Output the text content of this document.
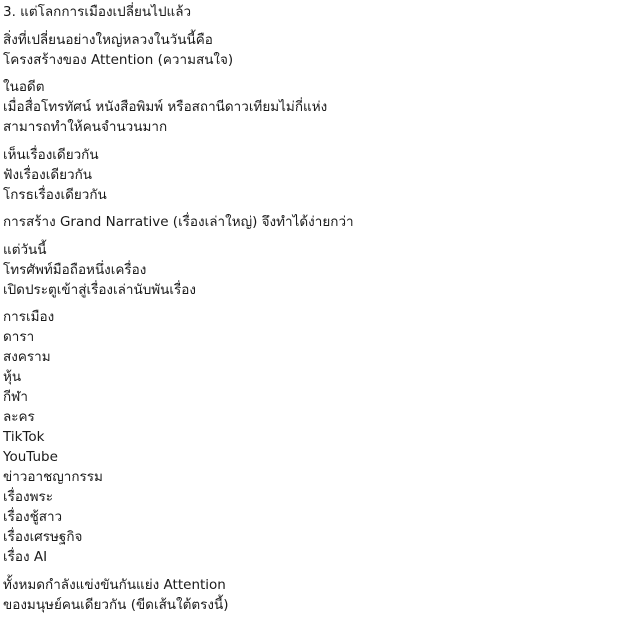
3. แต่โลกการเมืองเปลี่ยนไปแล้ว
สิ่งที่เปลี่ยนอย่างใหญ่หลวงในวันนี้คือ
โครงสร้างของ Attention (ความสนใจ)
ในอดีต
เมื่อสื่อโทรทัศน์ หนังสือพิมพ์ หรือสถานีดาวเทียมไม่กี่แห่ง
สามารถทำให้คนจำนวนมาก
เห็นเรื่องเดียวกัน
ฟังเรื่องเดียวกัน
โกรธเรื่องเดียวกัน
การสร้าง Grand Narrative (เรื่องเล่าใหญ่) จึงทำได้ง่ายกว่า
แต่วันนี้
โทรศัพท์มือถือหนึ่งเครื่อง
เปิดประตูเข้าสู่เรื่องเล่านับพันเรื่อง
การเมือง
ดารา
สงคราม
หุ้น
กีฬา
ละคร
TikTok
YouTube
ข่าวอาชญากรรม
เรื่องพระ
เรื่องชู้สาว
เรื่องเศรษฐกิจ
เรื่อง AI
ทั้งหมดกำลังแข่งขันกันแย่ง Attention
ของมนุษย์คนเดียวกัน (ขีดเส้นใต้ตรงนี้)
